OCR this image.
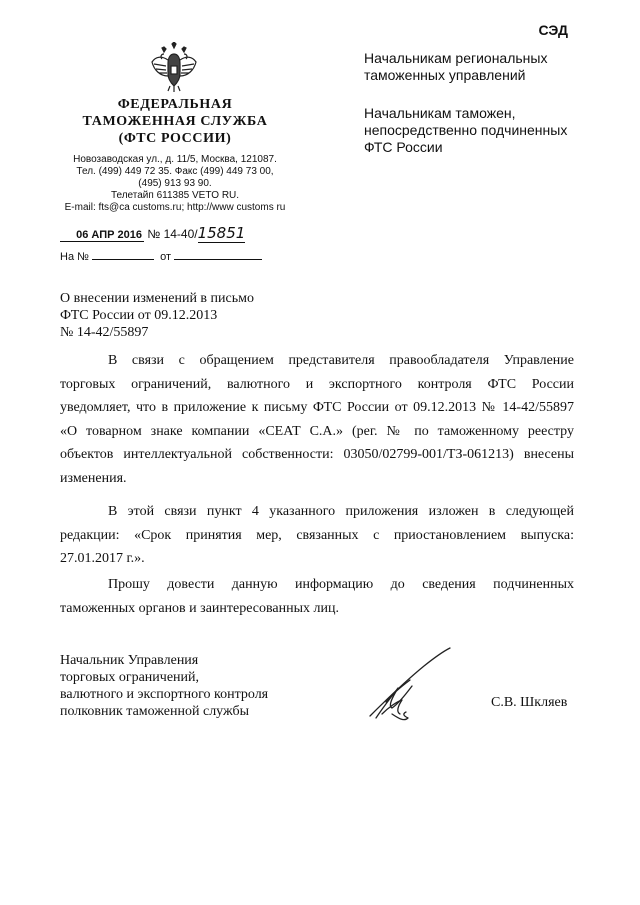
СЭД
ФЕДЕРАЛЬНАЯ
ТАМОЖЕННАЯ СЛУЖБА
(ФТС РОССИИ)
Новозаводская ул., д. 11/5, Москва, 121087.
Тел. (499) 449 72 35. Факс (499) 449 73 00,
(495) 913 93 90.
Телетайп 611385 VETO RU.
E-mail: fts@ca customs.ru; http://www customs ru
06 АПР 2016 № 14-40/15851
На №	от
Начальникам региональных
таможенных управлений
Начальникам таможен,
непосредственно подчиненных
ФТС России
О внесении изменений в письмо
ФТС России от 09.12.2013
№ 14-42/55897
В связи с обращением представителя правообладателя Управление
торговых ограничений, валютного и экспортного контроля ФТС России
уведомляет, что в приложение к письму ФТС России от 09.12.2013 № 14-42/55897
«О товарном знаке компании «СЕАТ С.А.» (рег. № по таможенному реестру
объектов интеллектуальной собственности: 03050/02799-001/ТЗ-061213) внесены
изменения.
В этой связи пункт 4 указанного приложения изложен в следующей
редакции: «Срок принятия мер, связанных с приостановлением выпуска:
27.01.2017 г.».
Прошу довести данную информацию до сведения подчиненных
таможенных органов и заинтересованных лиц.
Начальник Управления
торговых ограничений,
валютного и экспортного контроля
полковник таможенной службы
С.В. Шкляев
